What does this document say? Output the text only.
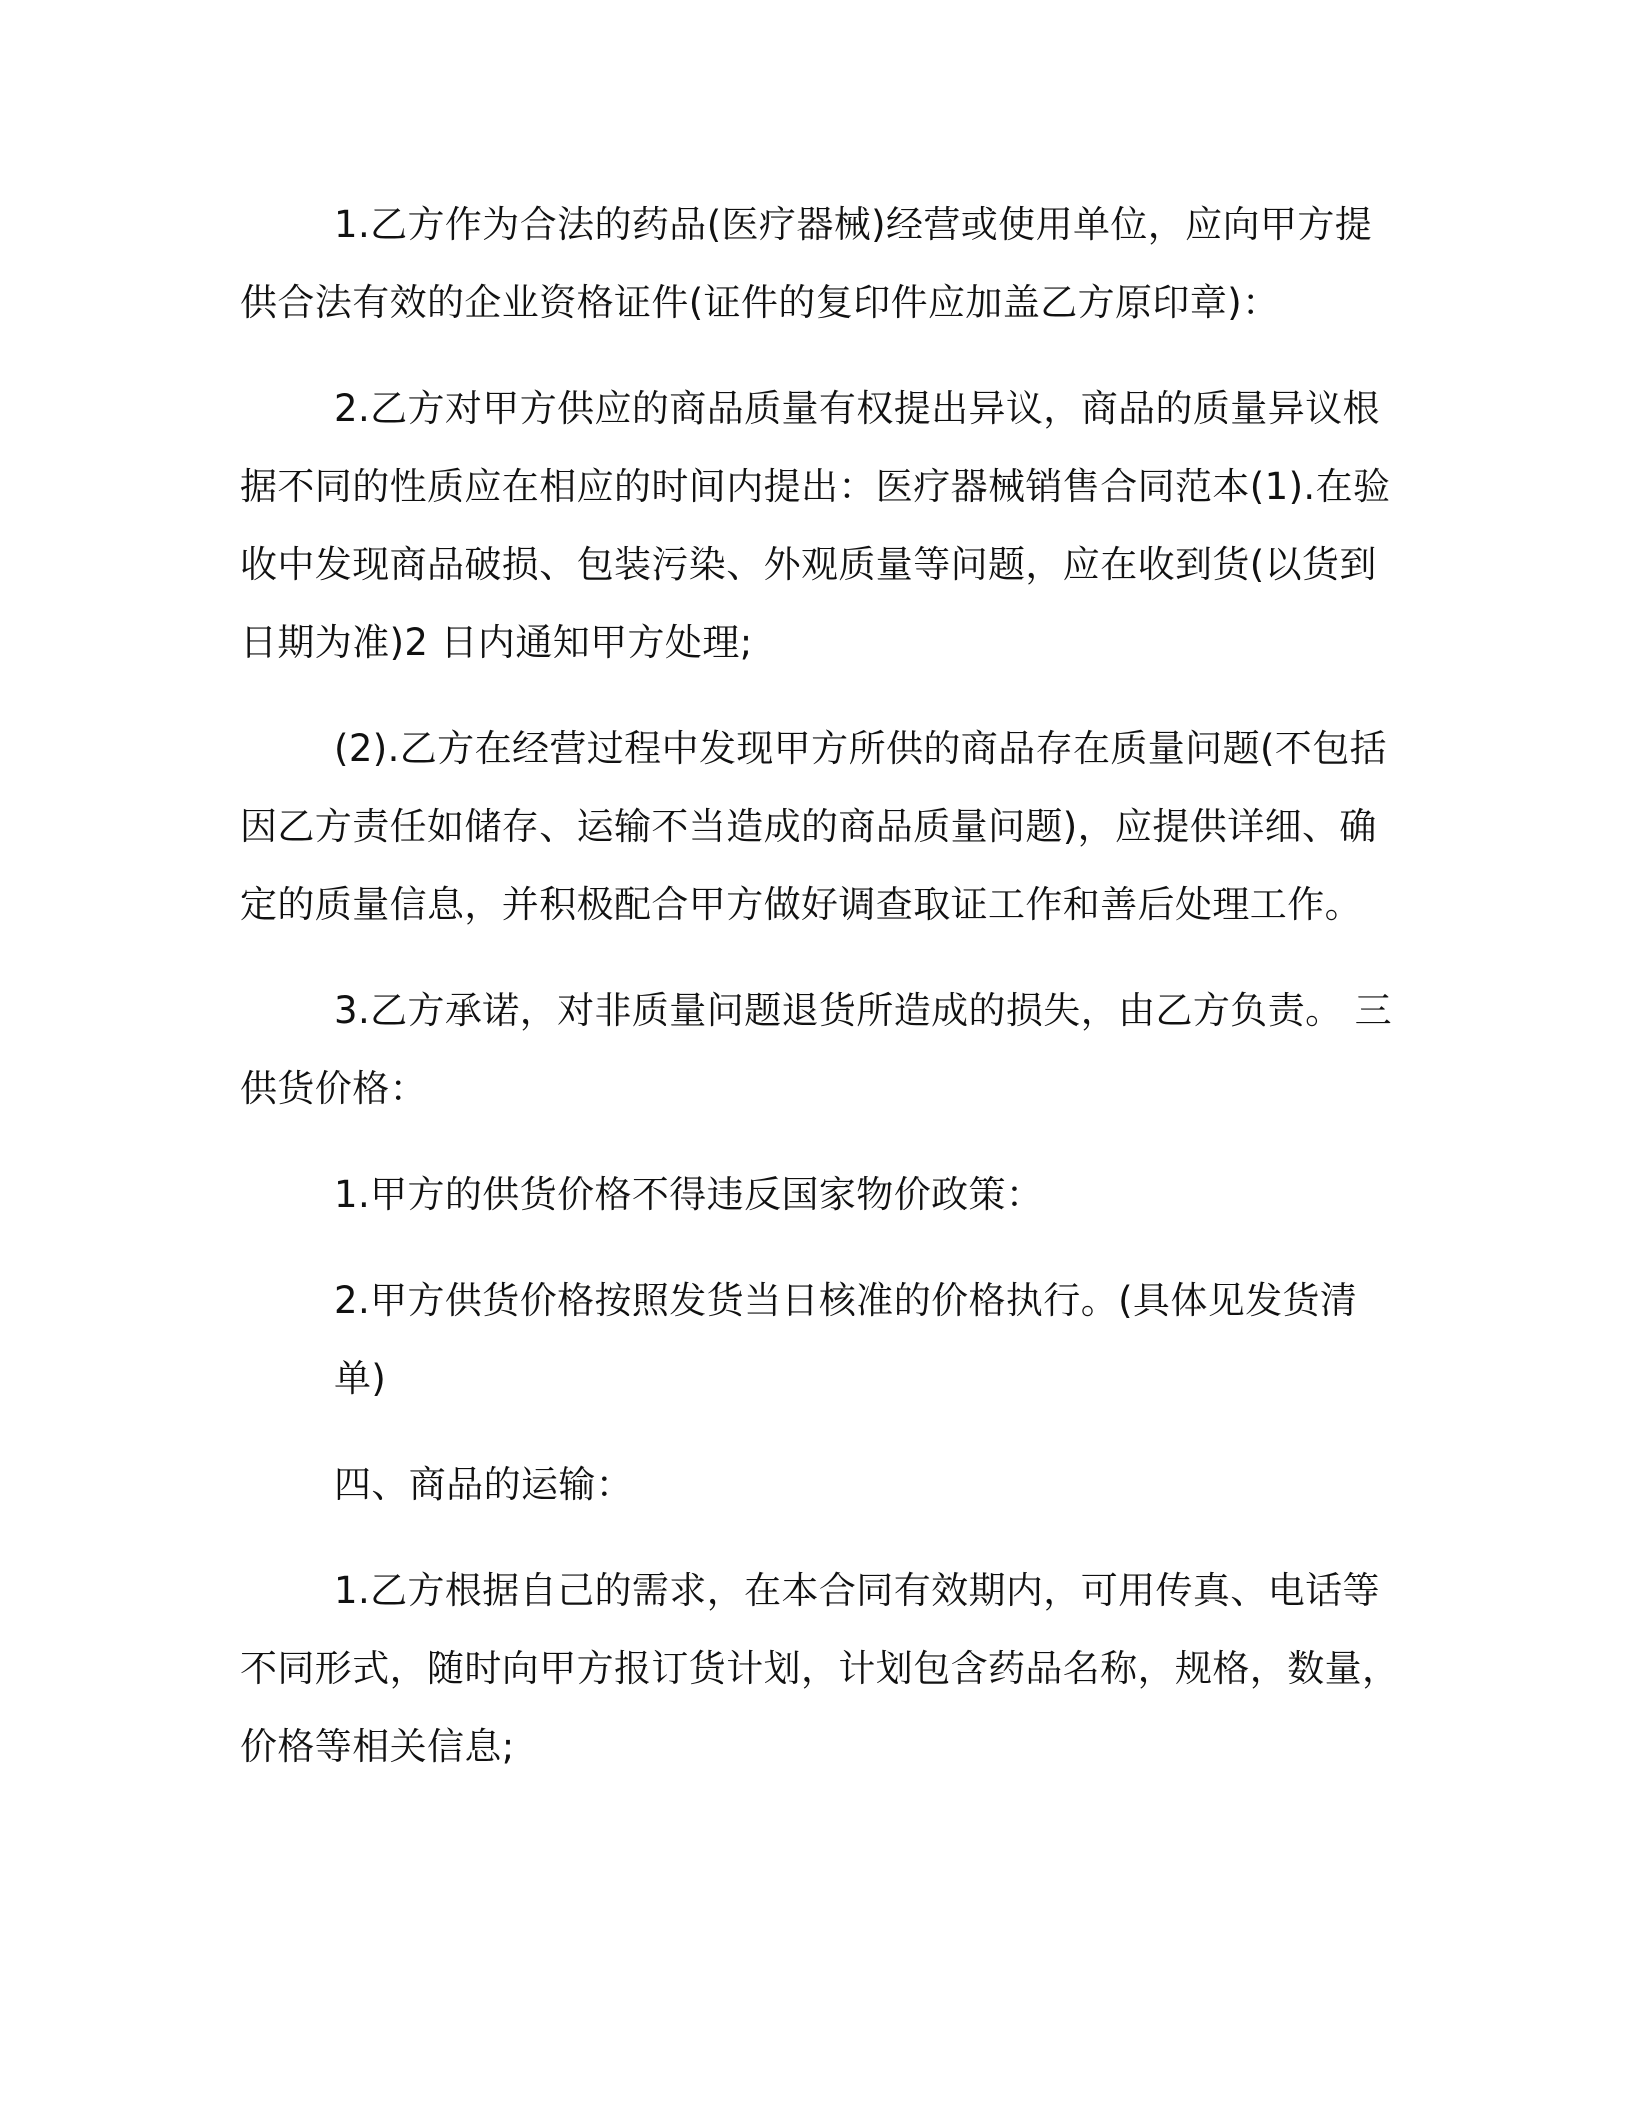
1.乙方作为合法的药品(医疗器械)经营或使用单位，应向甲方提
供合法有效的企业资格证件(证件的复印件应加盖乙方原印章)：
2.乙方对甲方供应的商品质量有权提出异议，商品的质量异议根
据不同的性质应在相应的时间内提出：医疗器械销售合同范本(1).在验
收中发现商品破损、包装污染、外观质量等问题，应在收到货(以货到
日期为准)2 日内通知甲方处理;
(2).乙方在经营过程中发现甲方所供的商品存在质量问题(不包括
因乙方责任如储存、运输不当造成的商品质量问题)，应提供详细、确
定的质量信息，并积极配合甲方做好调查取证工作和善后处理工作。
3.乙方承诺，对非质量问题退货所造成的损失，由乙方负责。 三
供货价格：
1.甲方的供货价格不得违反国家物价政策：
2.甲方供货价格按照发货当日核准的价格执行。(具体见发货清单)
四、商品的运输：
1.乙方根据自己的需求，在本合同有效期内，可用传真、电话等
不同形式，随时向甲方报订货计划，计划包含药品名称，规格，数量，
价格等相关信息;
